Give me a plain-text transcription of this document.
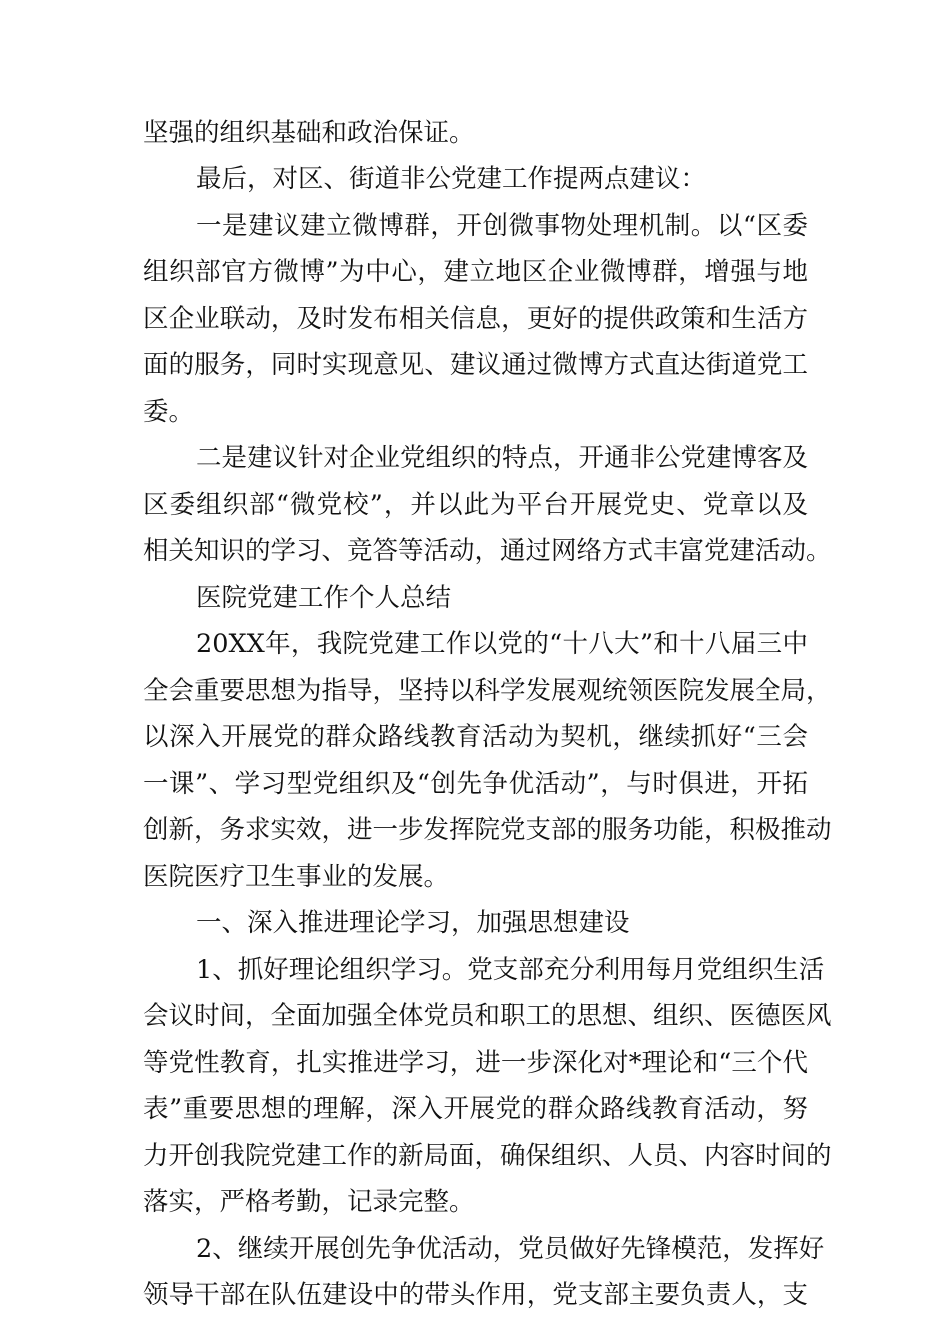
坚强的组织基础和政治保证。
最后，对区、街道非公党建工作提两点建议：
一是建议建立微博群，开创微事物处理机制。以“区委
组织部官方微博”为中心，建立地区企业微博群，增强与地
区企业联动，及时发布相关信息，更好的提供政策和生活方
面的服务，同时实现意见、建议通过微博方式直达街道党工
委。
二是建议针对企业党组织的特点，开通非公党建博客及
区委组织部“微党校”，并以此为平台开展党史、党章以及
相关知识的学习、竞答等活动，通过网络方式丰富党建活动。
医院党建工作个人总结
20XX年，我院党建工作以党的“十八大”和十八届三中
全会重要思想为指导，坚持以科学发展观统领医院发展全局，
以深入开展党的群众路线教育活动为契机，继续抓好“三会
一课”、学习型党组织及“创先争优活动”，与时俱进，开拓
创新，务求实效，进一步发挥院党支部的服务功能，积极推动
医院医疗卫生事业的发展。
一、深入推进理论学习，加强思想建设
1、抓好理论组织学习。党支部充分利用每月党组织生活
会议时间，全面加强全体党员和职工的思想、组织、医德医风
等党性教育，扎实推进学习，进一步深化对*理论和“三个代
表”重要思想的理解，深入开展党的群众路线教育活动，努
力开创我院党建工作的新局面，确保组织、人员、内容时间的
落实，严格考勤，记录完整。
2、继续开展创先争优活动，党员做好先锋模范，发挥好
领导干部在队伍建设中的带头作用，党支部主要负责人，支
